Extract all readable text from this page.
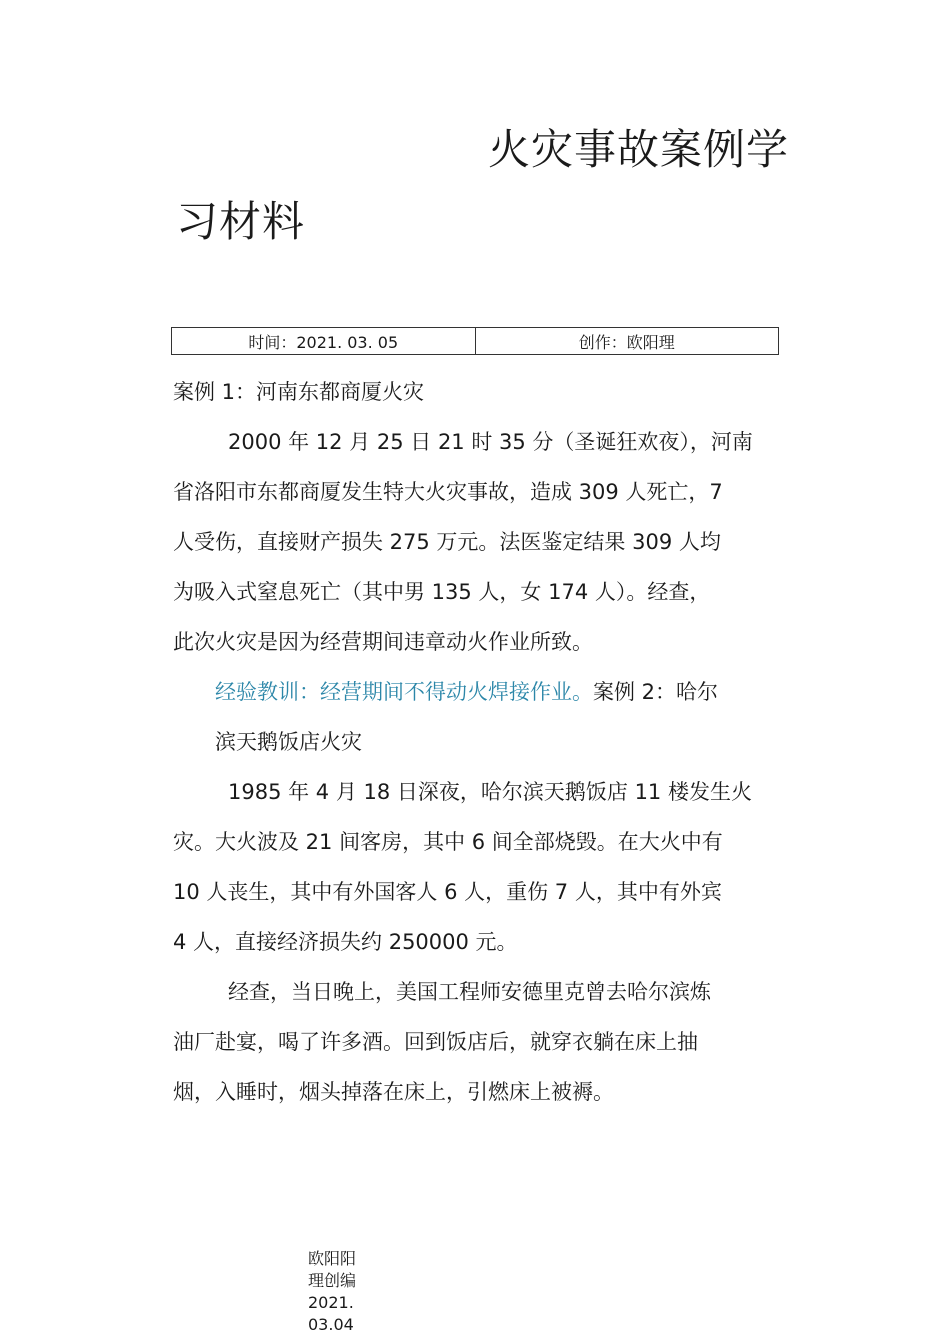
火灾事故案例学
习材料
时间：2021. 03. 05	创作：欧阳理
案例 1：河南东都商厦火灾
2000 年 12 月 25 日 21 时 35 分（圣诞狂欢夜），河南
省洛阳市东都商厦发生特大火灾事故，造成 309 人死亡，7
人受伤，直接财产损失 275 万元。法医鉴定结果 309 人均
为吸入式窒息死亡（其中男 135 人，女 174 人）。经查，
此次火灾是因为经营期间违章动火作业所致。
经验教训：经营期间不得动火焊接作业。案例 2：哈尔
滨天鹅饭店火灾
1985 年 4 月 18 日深夜，哈尔滨天鹅饭店 11 楼发生火
灾。大火波及 21 间客房，其中 6 间全部烧毁。在大火中有
10 人丧生，其中有外国客人 6 人，重伤 7 人，其中有外宾
4 人，直接经济损失约 250000 元。
经查，当日晚上，美国工程师安德里克曾去哈尔滨炼
油厂赴宴，喝了许多酒。回到饭店后，就穿衣躺在床上抽
烟，入睡时，烟头掉落在床上，引燃床上被褥。
欧阳阳理创编2021.03.04
